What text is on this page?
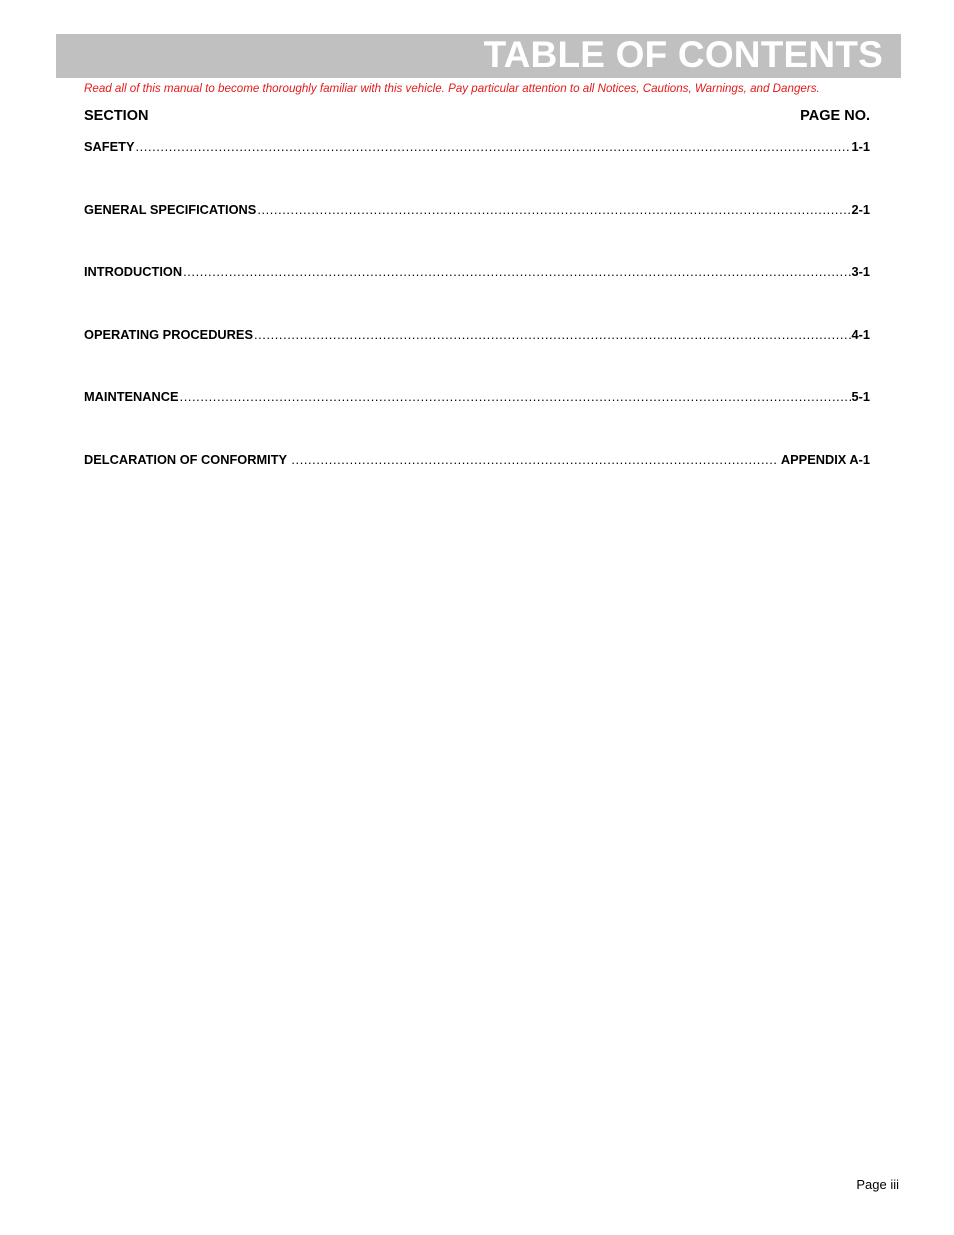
TABLE OF CONTENTS
Read all of this manual to become thoroughly familiar with this vehicle. Pay particular attention to all Notices, Cautions, Warnings, and Dangers.
SECTION	PAGE NO.
SAFETY .....	1-1
GENERAL SPECIFICATIONS .....	2-1
INTRODUCTION .....	3-1
OPERATING PROCEDURES .....	4-1
MAINTENANCE .....	5-1
DELCARATION OF CONFORMITY .....	APPENDIX A-1
Page iii
